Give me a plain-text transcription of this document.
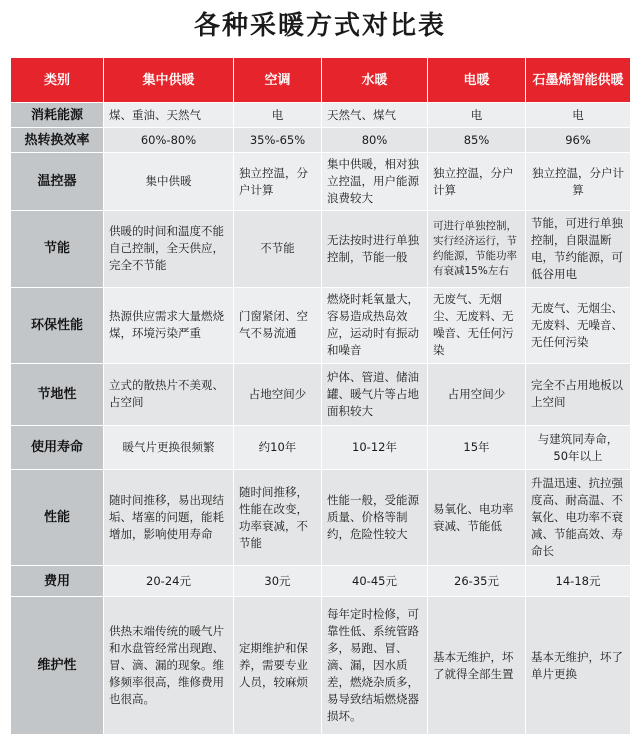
各种采暖方式对比表
类别	集中供暖	空调	水暖	电暖	石墨烯智能供暖
消耗能源	煤、重油、天然气	电	天然气、煤气	电	电
热转换效率	60%-80%	35%-65%	80%	85%	96%
温控器	集中供暖	独立控温，分户计算	集中供暖，相对独立控温，用户能源浪费较大	独立控温，分户计算	独立控温，分户计算
节能	供暖的时间和温度不能自己控制，全天供应，完全不节能	不节能	无法按时进行单独控制，节能一般	可进行单独控制，实行经济运行，节约能源，节能功率有衰减15%左右	节能，可进行单独控制，自限温断电，节约能源，可低谷用电
环保性能	热源供应需求大量燃烧煤，环境污染严重	门窗紧闭、空气不易流通	燃烧时耗氧量大，容易造成热岛效应，运动时有振动和噪音	无废气、无烟尘、无废料、无噪音、无任何污染	无废气、无烟尘、无废料、无噪音、无任何污染
节地性	立式的散热片不美观、占空间	占地空间少	炉体、管道、储油罐、暖气片等占地面积较大	占用空间少	完全不占用地板以上空间
使用寿命	暖气片更换很频繁	约10年	10-12年	15年	与建筑同寿命，50年以上
性能	随时间推移，易出现结垢、堵塞的问题，能耗增加，影响使用寿命	随时间推移，性能在改变，功率衰减，不节能	性能一般，受能源质量、价格等制约，危险性较大	易氧化、电功率衰减、节能低	升温迅速、抗拉强度高、耐高温、不氧化、电功率不衰减、节能高效、寿命长
费用	20-24元	30元	40-45元	26-35元	14-18元
维护性	供热末端传统的暖气片和水盘管经常出现跑、冒、滴、漏的现象。维修频率很高，维修费用也很高。	定期维护和保养，需要专业人员，较麻烦	每年定时检修，可靠性低、系统管路多，易跑、冒、滴、漏，因水质差，燃烧杂质多，易导致结垢燃烧器损坏。	基本无维护，坏了就得全部生置	基本无维护，坏了单片更换
